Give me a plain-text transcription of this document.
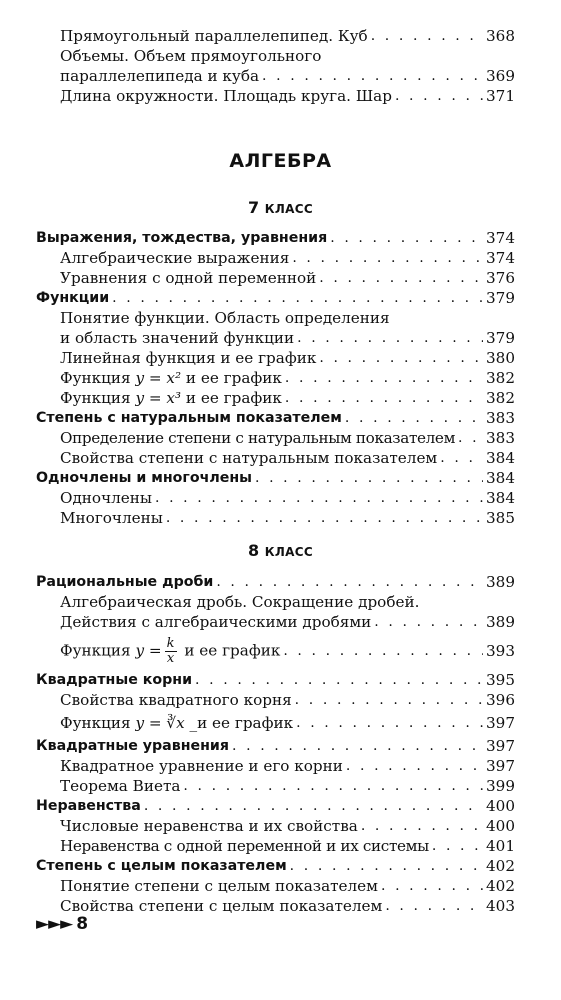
Прямоугольный параллелепипед. Куб . . .	368
Объемы. Объем прямоугольного
параллелепипеда и куба . . .	369
Длина окружности. Площадь круга. Шар . . .	371
АЛГЕБРА
7 КЛАСС
Выражения, тождества, уравнения . . .	374
Алгебраические выражения . . .	374
Уравнения с одной переменной . . .	376
Функции . . .	379
Понятие функции. Область определения
и область значений функции . . .	379
Линейная функция и ее график . . .	380
Функция y = x² и ее график . . .	382
Функция y = x³ и ее график . . .	382
Степень с натуральным показателем . . .	383
Определение степени с натуральным показателем . . . 383
Свойства степени с натуральным показателем . . .	384
Одночлены и многочлены . . .	384
Одночлены . . .	384
Многочлены . . .	385
8 КЛАСС
Рациональные дроби . . .	389
Алгебраическая дробь. Сокращение дробей.
Действия с алгебраическими дробями . . .	389
Функция $y = \frac{k}{x}$ и ее график . . .	393
Квадратные корни . . .	395
Свойства квадратного корня . . .	396
Функция y = ∛x _и ее график . . .	397
Квадратные уравнения . . .	397
Квадратное уравнение и его корни . . .	397
Теорема Виета . . .	399
Неравенства . . .	400
Числовые неравенства и их свойства . . .	400
Неравенства с одной переменной и их системы . . .	401
Степень с целым показателем . . .	402
Понятие степени с целым показателем . . .	402
Свойства степени с целым показателем . . .	403
►►► 8
